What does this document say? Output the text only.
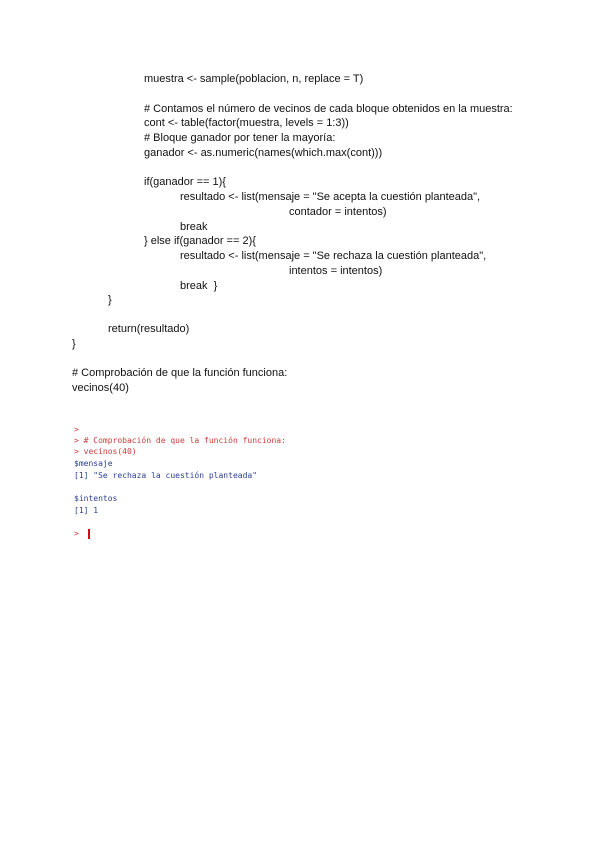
muestra <- sample(poblacion, n, replace = T)
# Contamos el número de vecinos de cada bloque obtenidos en la muestra:
cont <- table(factor(muestra, levels = 1:3))
# Bloque ganador por tener la mayoría:
ganador <- as.numeric(names(which.max(cont)))
if(ganador == 1){
resultado <- list(mensaje = "Se acepta la cuestión planteada",
contador = intentos)
break
} else if(ganador == 2){
resultado <- list(mensaje = "Se rechaza la cuestión planteada",
intentos = intentos)
break  }
}
return(resultado)
}
# Comprobación de que la función funciona:
vecinos(40)
>
> # Comprobación de que la función funciona:
> vecinos(40)
$mensaje
[1] "Se rechaza la cuestión planteada"
$intentos
[1] 1
>
